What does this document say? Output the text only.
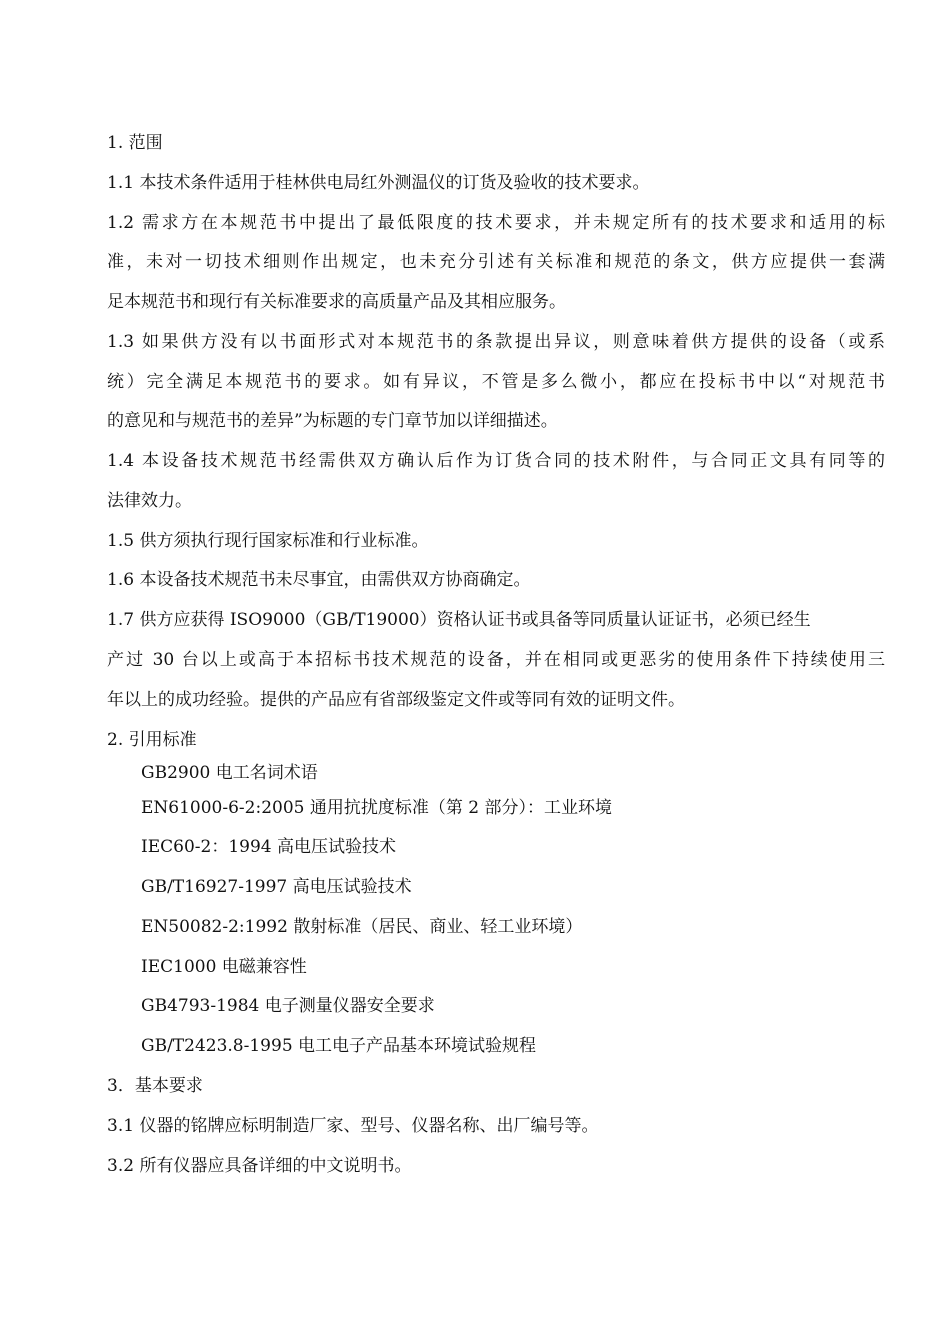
1. 范围
1.1 本技术条件适用于桂林供电局红外测温仪的订货及验收的技术要求。
1.2 需求方在本规范书中提出了最低限度的技术要求，并未规定所有的技术要求和适用的标
准，未对一切技术细则作出规定，也未充分引述有关标准和规范的条文，供方应提供一套满
足本规范书和现行有关标准要求的高质量产品及其相应服务。
1.3 如果供方没有以书面形式对本规范书的条款提出异议，则意味着供方提供的设备（或系
统）完全满足本规范书的要求。如有异议，不管是多么微小，都应在投标书中以“对规范书
的意见和与规范书的差异”为标题的专门章节加以详细描述。
1.4 本设备技术规范书经需供双方确认后作为订货合同的技术附件，与合同正文具有同等的
法律效力。
1.5 供方须执行现行国家标准和行业标准。
1.6 本设备技术规范书未尽事宜，由需供双方协商确定。
1.7 供方应获得 ISO9000（GB/T19000）资格认证书或具备等同质量认证证书，必须已经生
产过 30 台以上或高于本招标书技术规范的设备，并在相同或更恶劣的使用条件下持续使用三
年以上的成功经验。提供的产品应有省部级鉴定文件或等同有效的证明文件。
2. 引用标准
GB2900 电工名词术语
EN61000-6-2:2005 通用抗扰度标准（第 2 部分）：工业环境
IEC60-2：1994 高电压试验技术
GB/T16927-1997 高电压试验技术
EN50082-2:1992 散射标准（居民、商业、轻工业环境）
IEC1000 电磁兼容性
GB4793-1984 电子测量仪器安全要求
GB/T2423.8-1995 电工电子产品基本环境试验规程
3．基本要求
3.1 仪器的铭牌应标明制造厂家、型号、仪器名称、出厂编号等。
3.2 所有仪器应具备详细的中文说明书。
